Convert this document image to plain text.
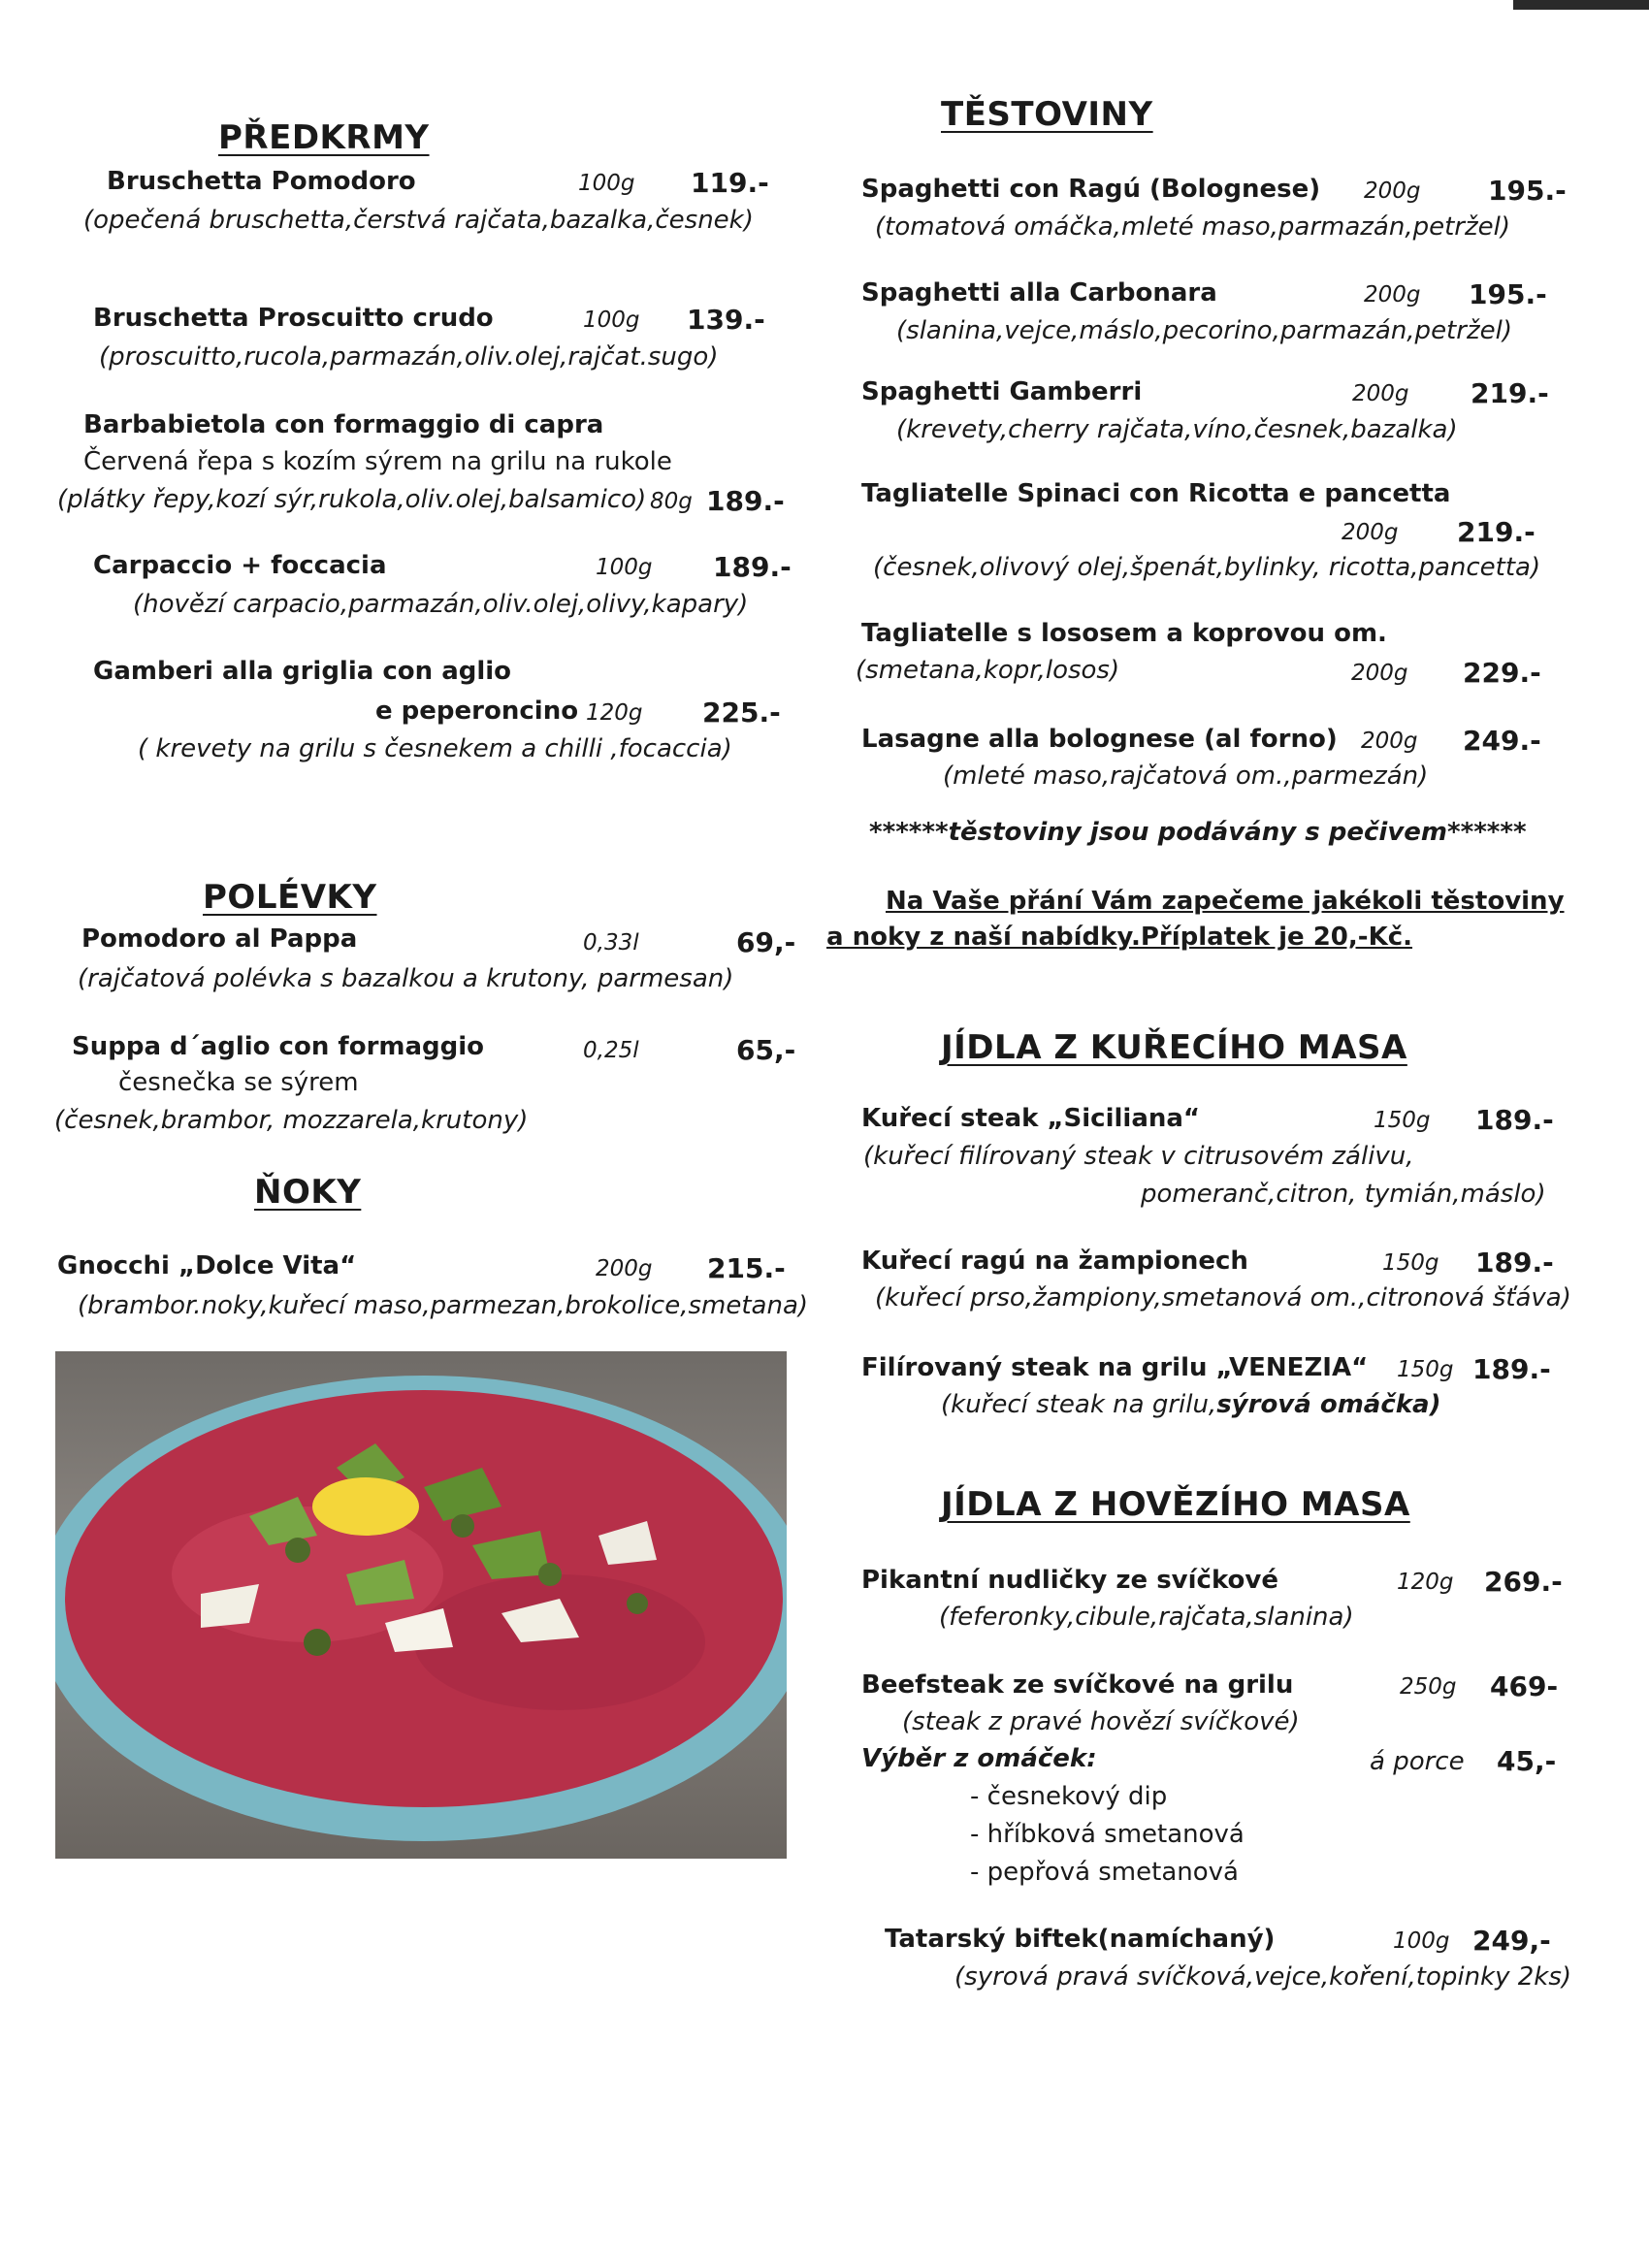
PŘEDKRMY
Bruschetta Pomodoro	100g 119.-
(opečená bruschetta,čerstvá rajčata,bazalka,česnek)
Bruschetta Proscuitto crudo	100g 139.-
(proscuitto,rucola,parmazán,oliv.olej,rajčat.sugo)
Barbabietola con formaggio di capra
Červená řepa s kozím sýrem na grilu na rukole
(plátky řepy,kozí sýr,rukola,oliv.olej,balsamico) 80g 189.-
Carpaccio + foccacia	100g 189.-
(hovězí carpacio,parmazán,oliv.olej,olivy,kapary)
Gamberi alla griglia con aglio
e peperoncino 120g 225.-
( krevety na grilu s česnekem a chilli ,focaccia)
POLÉVKY
Pomodoro al Pappa	0,33l	69,-
(rajčatová polévka s bazalkou a krutony, parmesan)
Suppa d´aglio con formaggio	0,25l	65,-
česnečka se sýrem
(česnek,brambor, mozzarela,krutony)
ŇOKY
Gnocchi „Dolce Vita“	200g 215.-
(brambor.noky,kuřecí maso,parmezan,brokolice,smetana)
TĚSTOVINY
Spaghetti con Ragú (Bolognese) 200g 195.-
(tomatová omáčka,mleté maso,parmazán,petržel)
Spaghetti alla Carbonara	200g 195.-
(slanina,vejce,máslo,pecorino,parmazán,petržel)
Spaghetti Gamberri	200g 219.-
(krevety,cherry rajčata,víno,česnek,bazalka)
Tagliatelle Spinaci con Ricotta e pancetta
200g 219.-
(česnek,olivový olej,špenát,bylinky, ricotta,pancetta)
Tagliatelle s lososem a koprovou om.
(smetana,kopr,losos)	200g 229.-
Lasagne alla bolognese (al forno) 200g 249.-
(mleté maso,rajčatová om.,parmezán)
******těstoviny jsou podávány s pečivem******
Na Vaše přání Vám zapečeme jakékoli těstoviny
a noky z naší nabídky.Příplatek je 20,-Kč.
JÍDLA Z KUŘECÍHO MASA
Kuřecí steak „Siciliana“	150g 189.-
(kuřecí filírovaný steak v citrusovém zálivu,
pomeranč,citron, tymián,máslo)
Kuřecí ragú na žampionech	150g 189.-
(kuřecí prso,žampiony,smetanová om.,citronová šťáva)
Filírovaný steak na grilu „VENEZIA“ 150g 189.-
(kuřecí steak na grilu,sýrová omáčka)
JÍDLA Z HOVĚZÍHO MASA
Pikantní nudličky ze svíčkové	120g 269.-
(feferonky,cibule,rajčata,slanina)
Beefsteak ze svíčkové na grilu	250g 469-
(steak z pravé hovězí svíčkové)
Výběr z omáček:	á porce 45,-
- česnekový dip
- hříbková smetanová
- pepřová smetanová
Tatarský biftek(namíchaný)	100g 249,-
(syrová pravá svíčková,vejce,koření,topinky 2ks)
